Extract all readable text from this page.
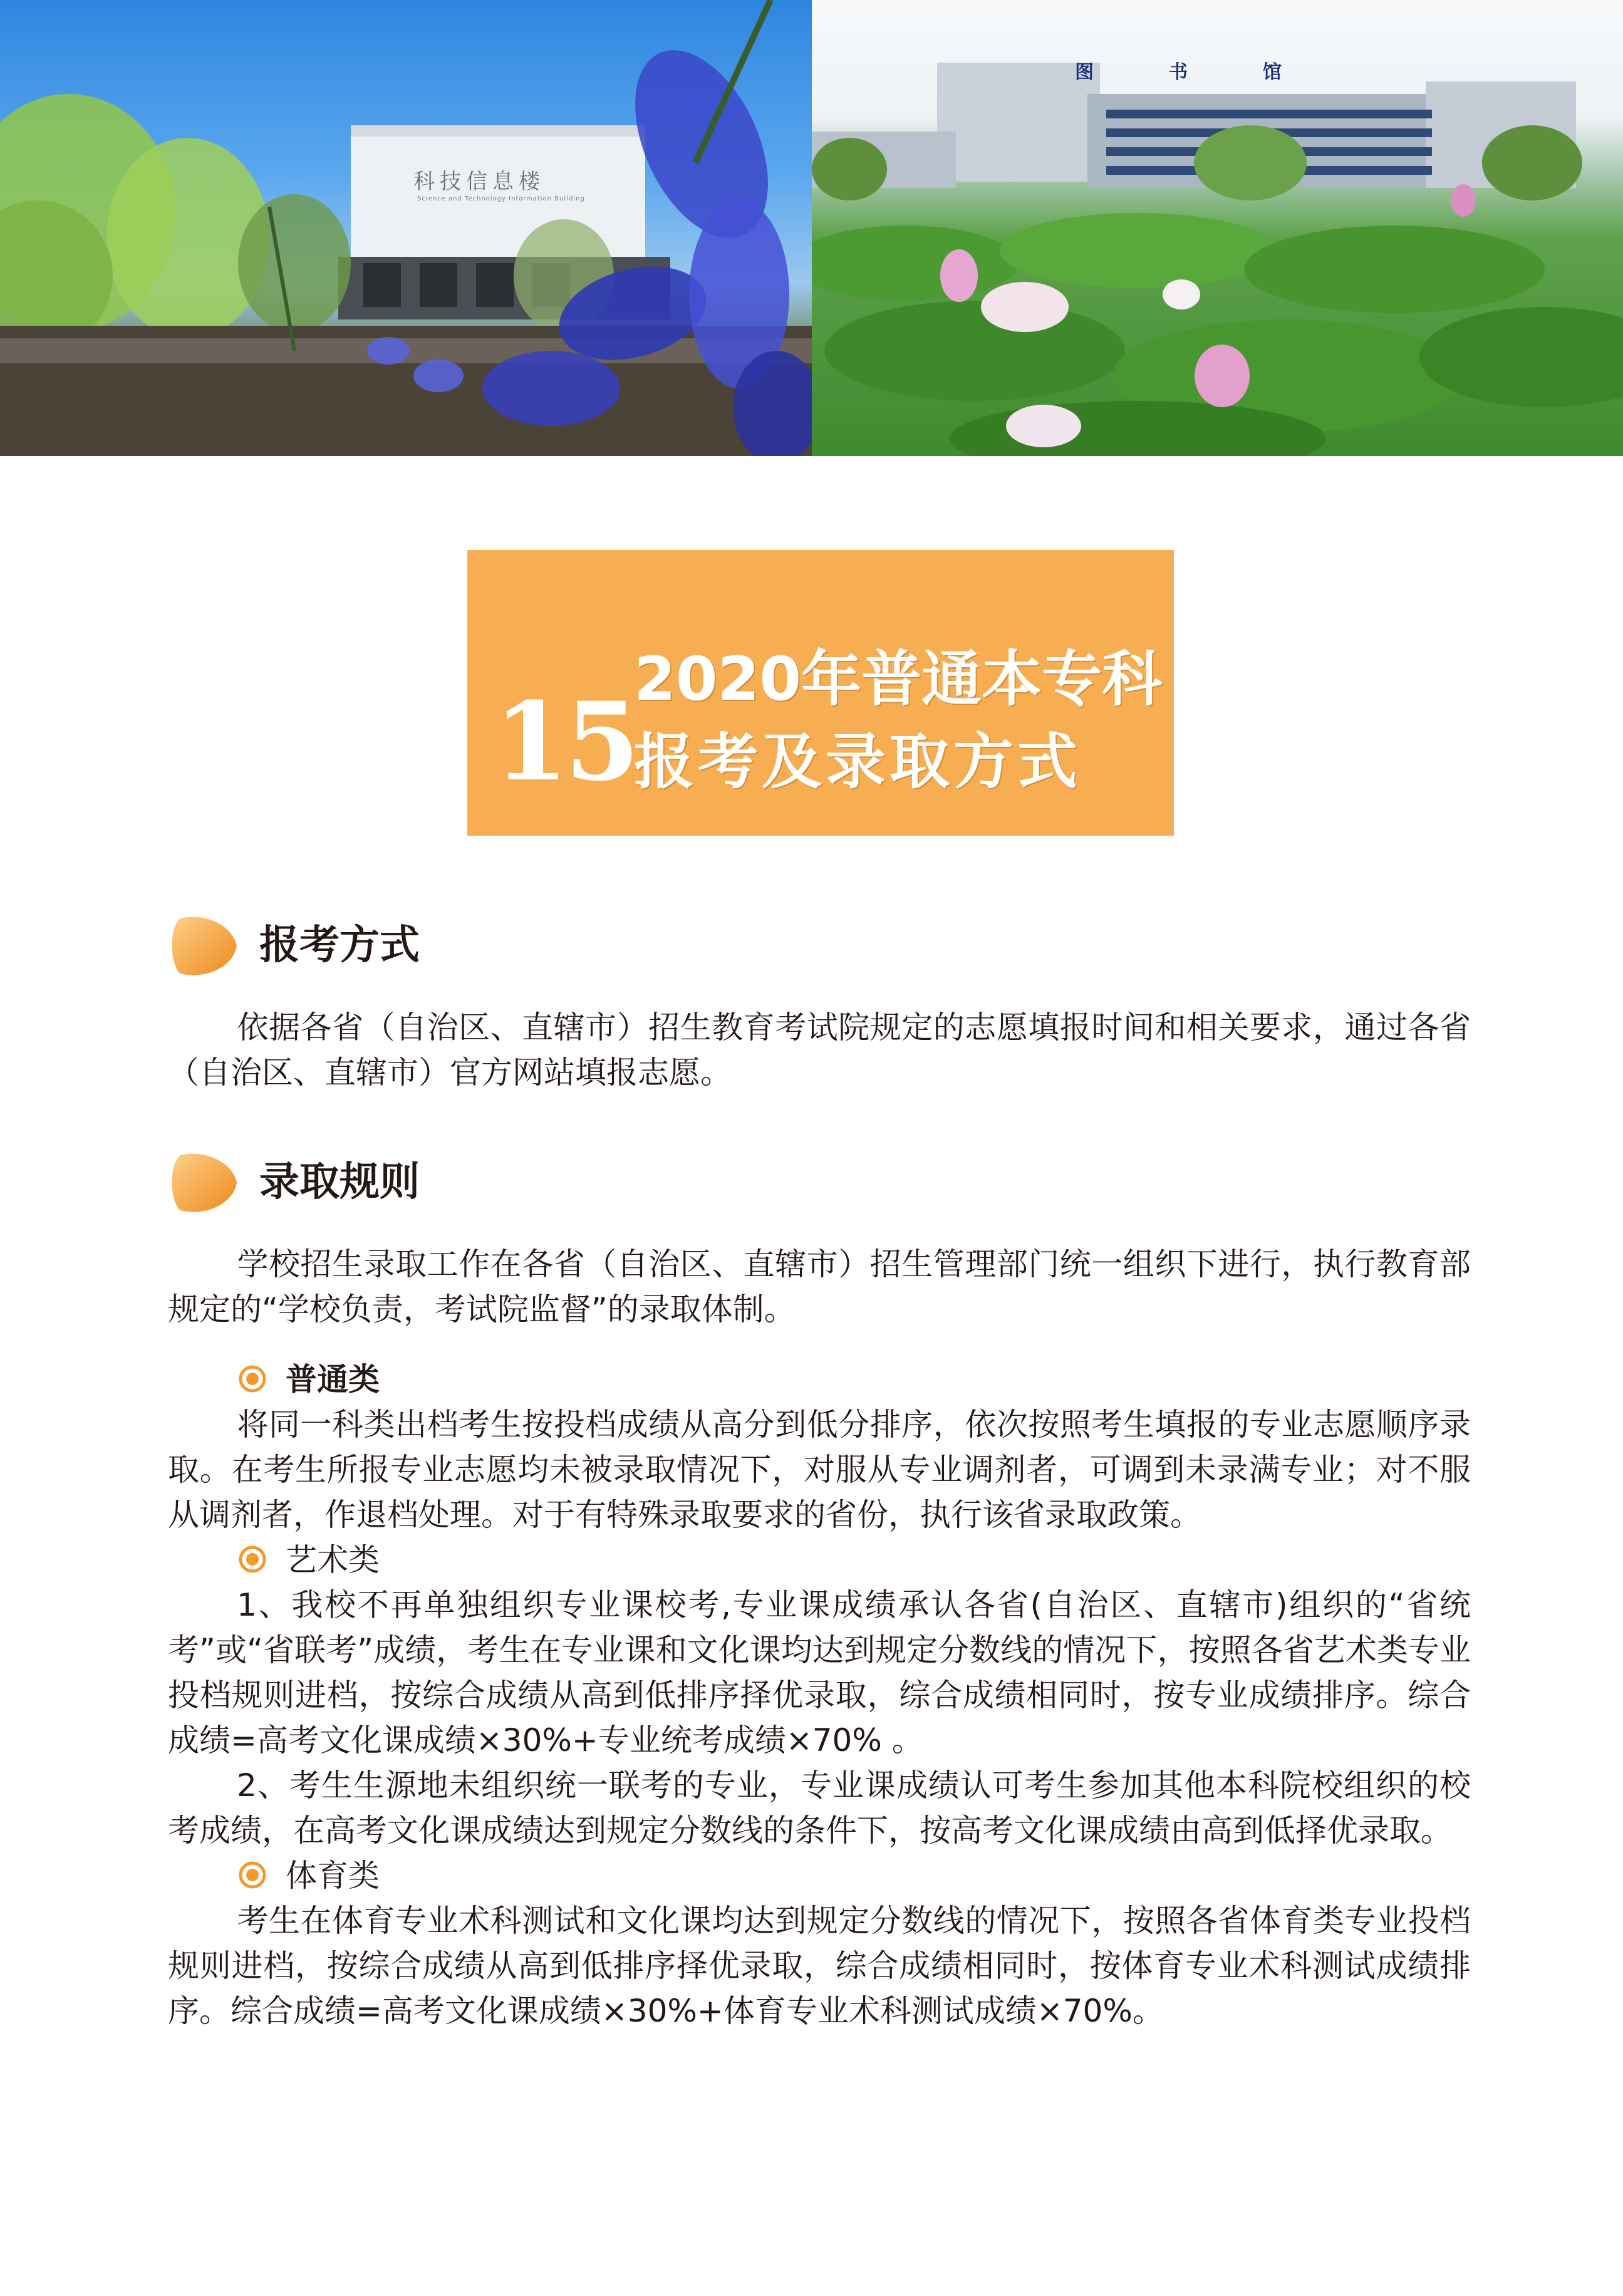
科技信息楼
Science and Technology Information Building
图书馆
15
2020年普通本专科
报考及录取方式
报考方式

依据各省（自治区、直辖市）招生教育考试院规定的志愿填报时间和相关要求，通过各省（自治区、直辖市）官方网站填报志愿。

录取规则

学校招生录取工作在各省（自治区、直辖市）招生管理部门统一组织下进行，执行教育部规定的“学校负责，考试院监督”的录取体制。

普通类

将同一科类出档考生按投档成绩从高分到低分排序，依次按照考生填报的专业志愿顺序录取。在考生所报专业志愿均未被录取情况下，对服从专业调剂者，可调到未录满专业；对不服从调剂者，作退档处理。对于有特殊录取要求的省份，执行该省录取政策。

艺术类

1、我校不再单独组织专业课校考,专业课成绩承认各省(自治区、直辖市)组织的“省统考”或“省联考”成绩，考生在专业课和文化课均达到规定分数线的情况下，按照各省艺术类专业投档规则进档，按综合成绩从高到低排序择优录取，综合成绩相同时，按专业成绩排序。综合成绩=高考文化课成绩×30%+专业统考成绩×70% 。

2、考生生源地未组织统一联考的专业，专业课成绩认可考生参加其他本科院校组织的校考成绩，在高考文化课成绩达到规定分数线的条件下，按高考文化课成绩由高到低择优录取。

体育类

考生在体育专业术科测试和文化课均达到规定分数线的情况下，按照各省体育类专业投档规则进档，按综合成绩从高到低排序择优录取，综合成绩相同时，按体育专业术科测试成绩排序。综合成绩=高考文化课成绩×30%+体育专业术科测试成绩×70%。
